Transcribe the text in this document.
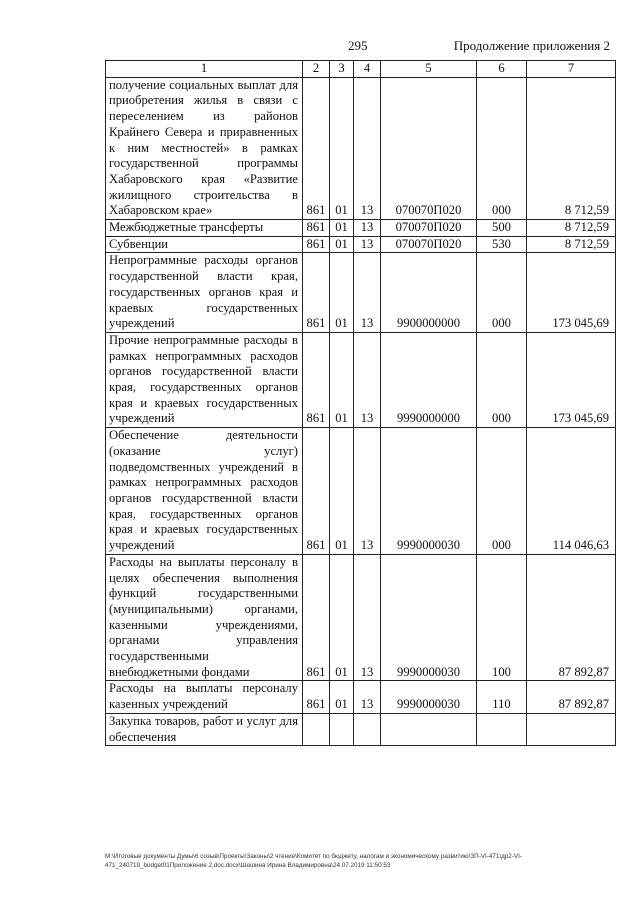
295	Продолжение приложения 2
1	2	3	4	5	6	7
получение социальных выплат для приобретения жилья в связи с переселением из районов Крайнего Севера и приравненных к ним местностей» в рамках государственной программы Хабаровского края «Развитие жилищного строительства в Хабаровском крае»	861	01	13	070070П020	000	8 712,59
Межбюджетные трансферты	861	01	13	070070П020	500	8 712,59
Субвенции	861	01	13	070070П020	530	8 712,59
Непрограммные расходы органов государственной власти края, государственных органов края и краевых государственных учреждений	861	01	13	9900000000	000	173 045,69
Прочие непрограммные расходы в рамках непрограммных расходов органов государственной власти края, государственных органов края и краевых государственных учреждений	861	01	13	9990000000	000	173 045,69
Обеспечение деятельности (оказание услуг) подведомственных учреждений в рамках непрограммных расходов органов государственной власти края, государственных органов края и краевых государственных учреждений	861	01	13	9990000030	000	114 046,63
Расходы на выплаты персоналу в целях обеспечения выполнения функций государственными (муниципальными) органами, казенными учреждениями, органами управления государственными внебюджетными фондами	861	01	13	9990000030	100	87 892,87
Расходы на выплаты персоналу казенных учреждений	861	01	13	9990000030	110	87 892,87
Закупка товаров, работ и услуг для обеспечения						
M:\Итоговые документы Думы\6 созыв\Проекты\Законы\2 чтение\Комитет по бюджету, налогам и экономическому развитию\ЗП-VI-471\др2-VI-471_240719_budget01Приложение 2.doc.docx\Шешина Ирина Владимировна\24.07.2019 11:50:53
